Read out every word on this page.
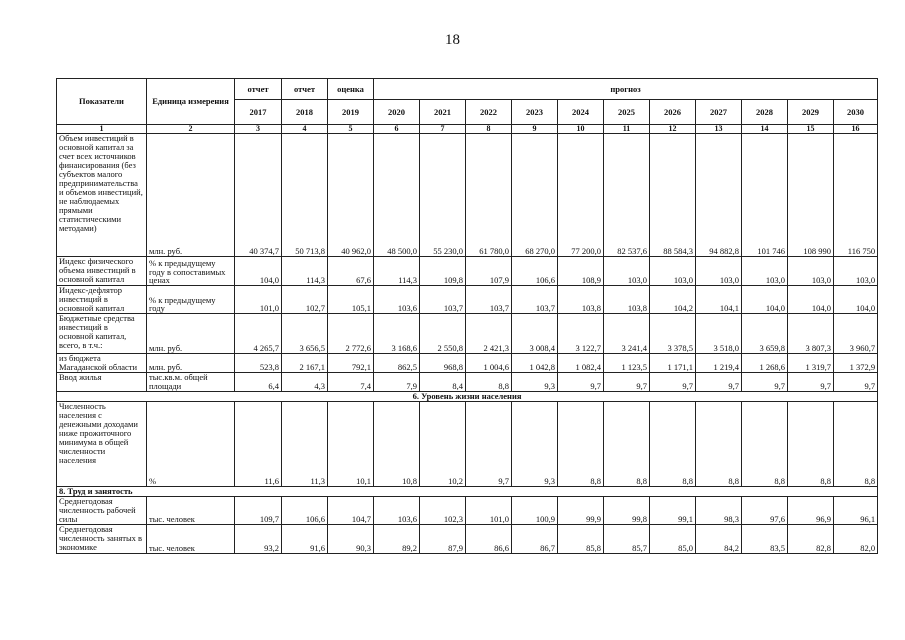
18
Показатели	Единица измерения	отчет	отчет	оценка	прогноз										
		2017	2018	2019	2020	2021	2022	2023	2024	2025	2026	2027	2028	2029	2030
1	2	3	4	5	6	7	8	9	10	11	12	13	14	15	16
Объем инвестиций в основной капитал за счет всех источников финансирования (без субъектов малого предпринимательства и объемов инвестиций, не наблюдаемых прямыми статистическими методами)	млн. руб.	40 374,7	50 713,8	40 962,0	48 500,0	55 230,0	61 780,0	68 270,0	77 200,0	82 537,6	88 584,3	94 882,8	101 746	108 990	116 750
Индекс физического объема инвестиций в основной капитал	% к предыдущему году в сопоставимых ценах	104,0	114,3	67,6	114,3	109,8	107,9	106,6	108,9	103,0	103,0	103,0	103,0	103,0	103,0
Индекс-дефлятор инвестиций в основной капитал	% к предыдущему году	101,0	102,7	105,1	103,6	103,7	103,7	103,7	103,8	103,8	104,2	104,1	104,0	104,0	104,0
Бюджетные средства инвестиций в основной капитал, всего, в т.ч.:	млн. руб.	4 265,7	3 656,5	2 772,6	3 168,6	2 550,8	2 421,3	3 008,4	3 122,7	3 241,4	3 378,5	3 518,0	3 659,8	3 807,3	3 960,7
из бюджета Магаданской области	млн. руб.	523,8	2 167,1	792,1	862,5	968,8	1 004,6	1 042,8	1 082,4	1 123,5	1 171,1	1 219,4	1 268,6	1 319,7	1 372,9
Ввод жилья	тыс.кв.м. общей площади	6,4	4,3	7,4	7,9	8,4	8,8	9,3	9,7	9,7	9,7	9,7	9,7	9,7	9,7
6. Уровень жизни населения															
Численность населения с денежными доходами ниже прожиточного минимума в общей численности населения	%	11,6	11,3	10,1	10,8	10,2	9,7	9,3	8,8	8,8	8,8	8,8	8,8	8,8	8,8
8. Труд и занятость															
Среднегодовая численность рабочей силы	тыс. человек	109,7	106,6	104,7	103,6	102,3	101,0	100,9	99,9	99,8	99,1	98,3	97,6	96,9	96,1
Среднегодовая численность занятых в экономике	тыс. человек	93,2	91,6	90,3	89,2	87,9	86,6	86,7	85,8	85,7	85,0	84,2	83,5	82,8	82,0
